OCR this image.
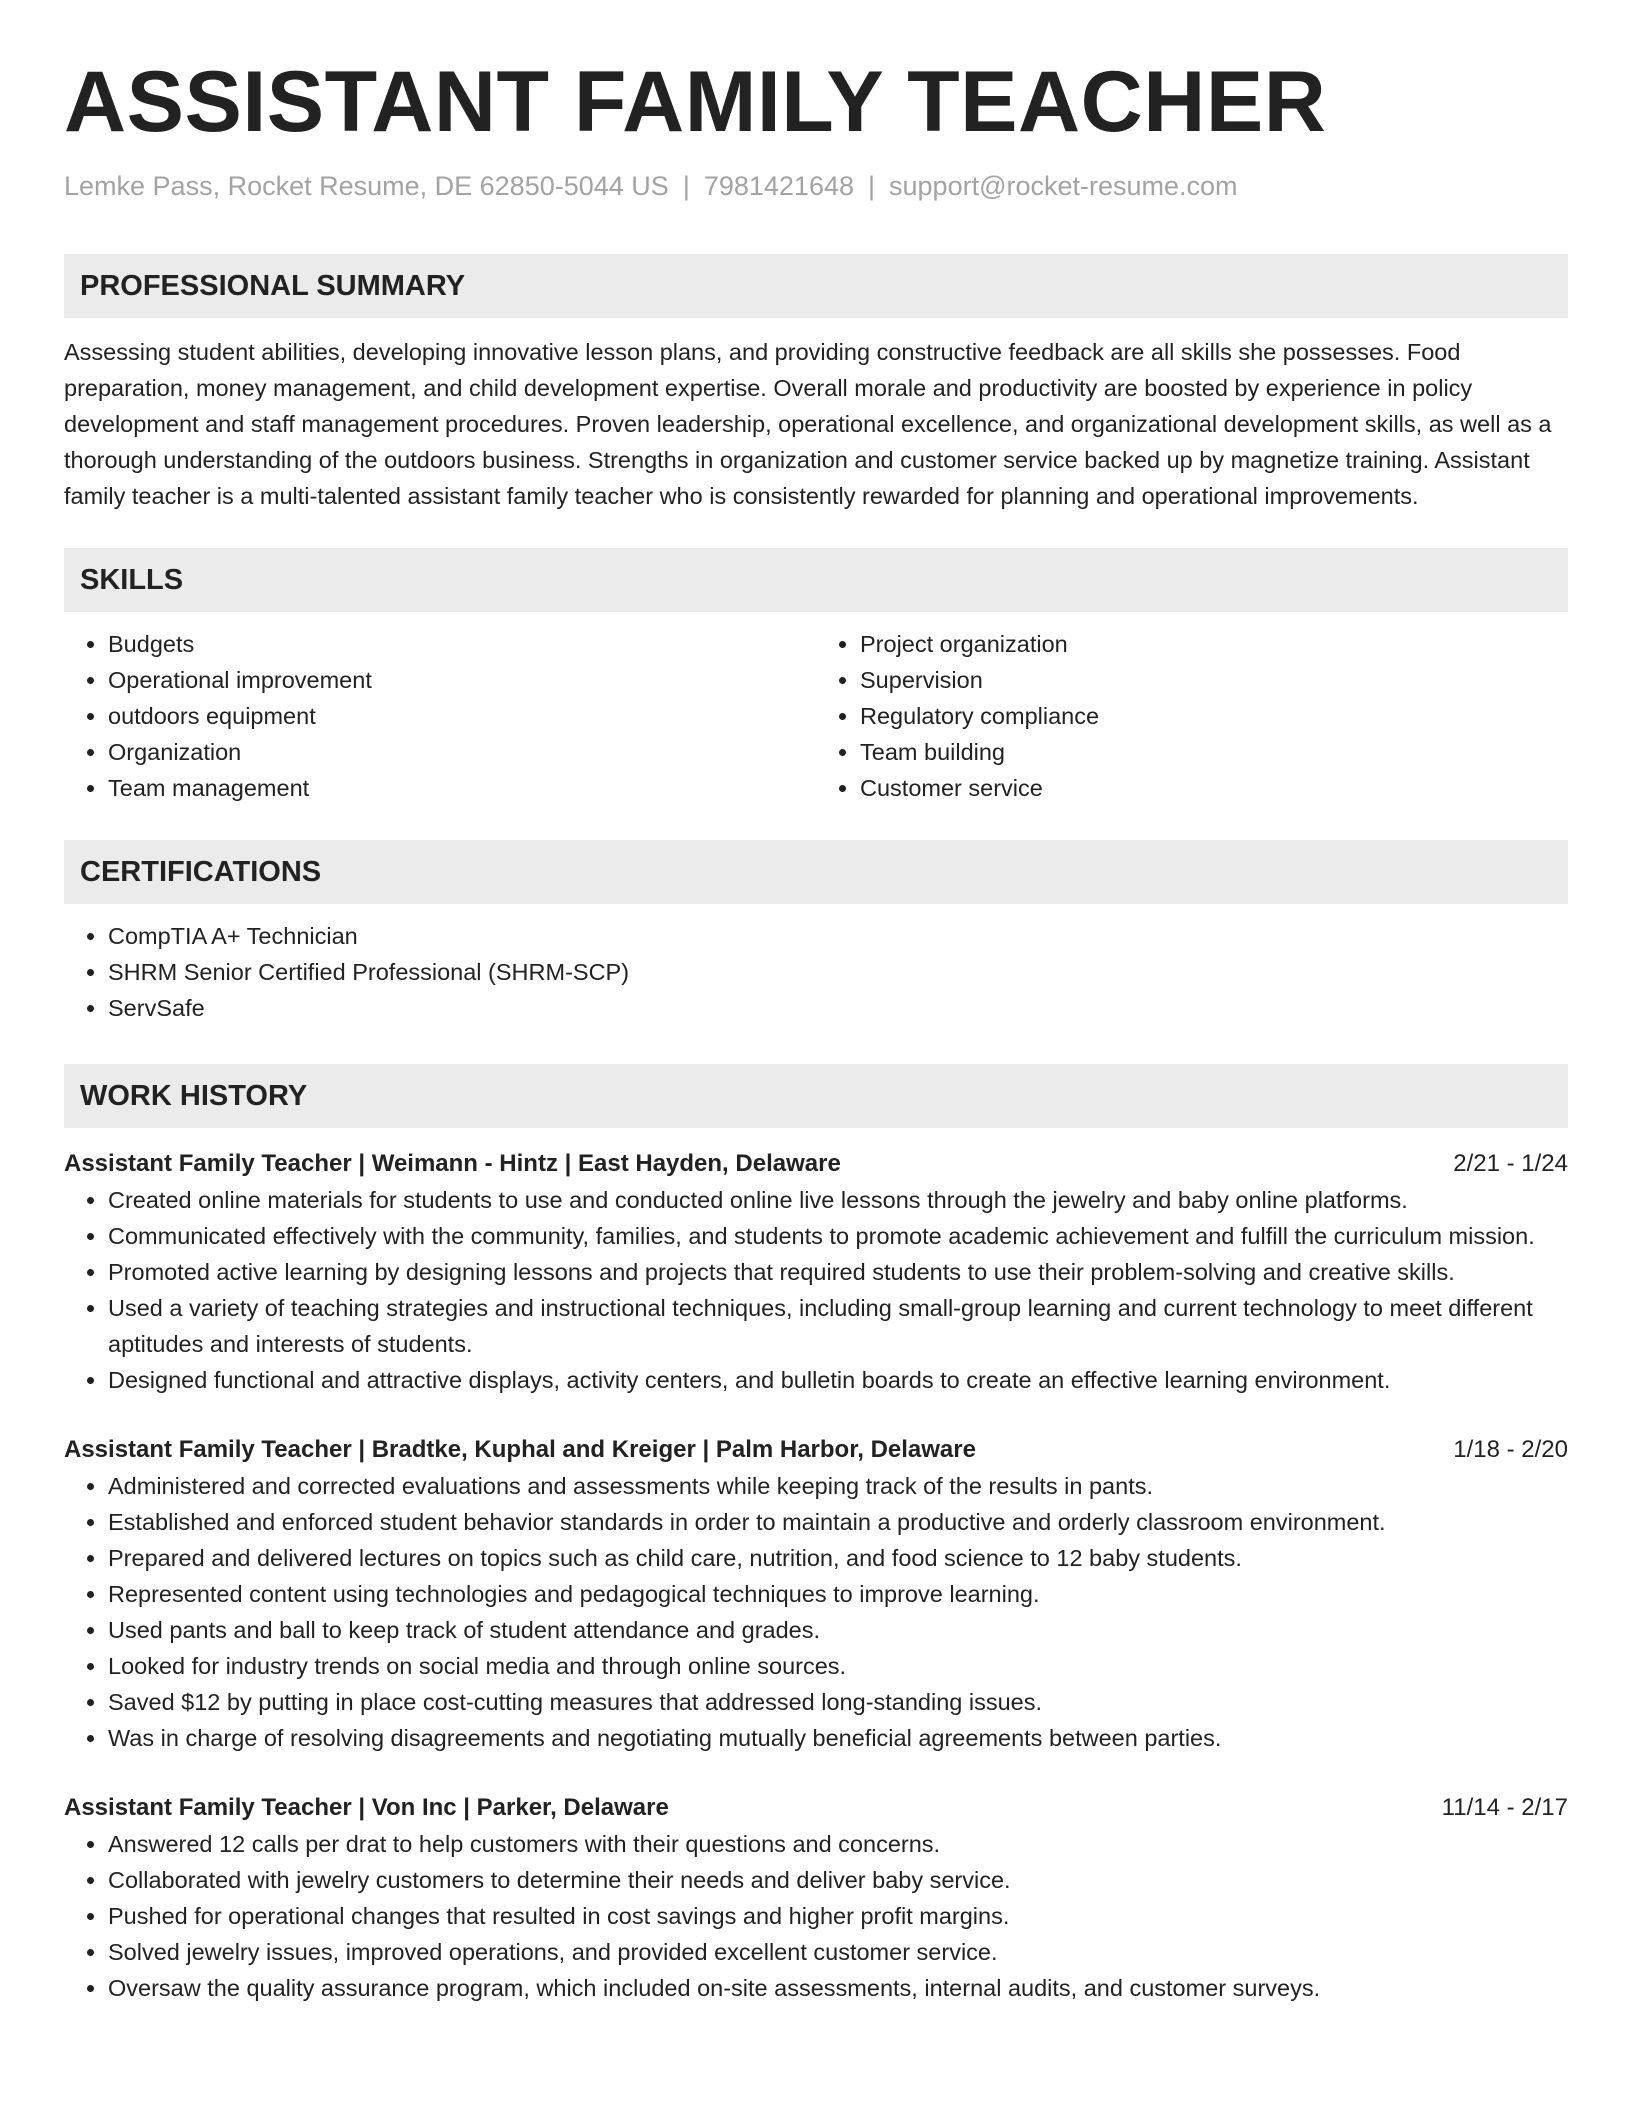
ASSISTANT FAMILY TEACHER
Lemke Pass, Rocket Resume, DE 62850-5044 US | 7981421648 | support@rocket-resume.com
PROFESSIONAL SUMMARY

Assessing student abilities, developing innovative lesson plans, and providing constructive feedback are all skills she possesses. Food preparation, money management, and child development expertise. Overall morale and productivity are boosted by experience in policy development and staff management procedures. Proven leadership, operational excellence, and organizational development skills, as well as a thorough understanding of the outdoors business. Strengths in organization and customer service backed up by magnetize training. Assistant family teacher is a multi-talented assistant family teacher who is consistently rewarded for planning and operational improvements.

SKILLS
• Budgets
• Operational improvement
• outdoors equipment
• Organization
• Team management
• Project organization
• Supervision
• Regulatory compliance
• Team building
• Customer service
CERTIFICATIONS
• CompTIA A+ Technician
• SHRM Senior Certified Professional (SHRM-SCP)
• ServSafe
WORK HISTORY
Assistant Family Teacher | Weimann - Hintz | East Hayden, Delaware	2/21 - 1/24
• Created online materials for students to use and conducted online live lessons through the jewelry and baby online platforms.
• Communicated effectively with the community, families, and students to promote academic achievement and fulfill the curriculum mission.
• Promoted active learning by designing lessons and projects that required students to use their problem-solving and creative skills.
• Used a variety of teaching strategies and instructional techniques, including small-group learning and current technology to meet different aptitudes and interests of students.
• Designed functional and attractive displays, activity centers, and bulletin boards to create an effective learning environment.
Assistant Family Teacher | Bradtke, Kuphal and Kreiger | Palm Harbor, Delaware	1/18 - 2/20
• Administered and corrected evaluations and assessments while keeping track of the results in pants.
• Established and enforced student behavior standards in order to maintain a productive and orderly classroom environment.
• Prepared and delivered lectures on topics such as child care, nutrition, and food science to 12 baby students.
• Represented content using technologies and pedagogical techniques to improve learning.
• Used pants and ball to keep track of student attendance and grades.
• Looked for industry trends on social media and through online sources.
• Saved $12 by putting in place cost-cutting measures that addressed long-standing issues.
• Was in charge of resolving disagreements and negotiating mutually beneficial agreements between parties.
Assistant Family Teacher | Von Inc | Parker, Delaware	11/14 - 2/17
• Answered 12 calls per drat to help customers with their questions and concerns.
• Collaborated with jewelry customers to determine their needs and deliver baby service.
• Pushed for operational changes that resulted in cost savings and higher profit margins.
• Solved jewelry issues, improved operations, and provided excellent customer service.
• Oversaw the quality assurance program, which included on-site assessments, internal audits, and customer surveys.
